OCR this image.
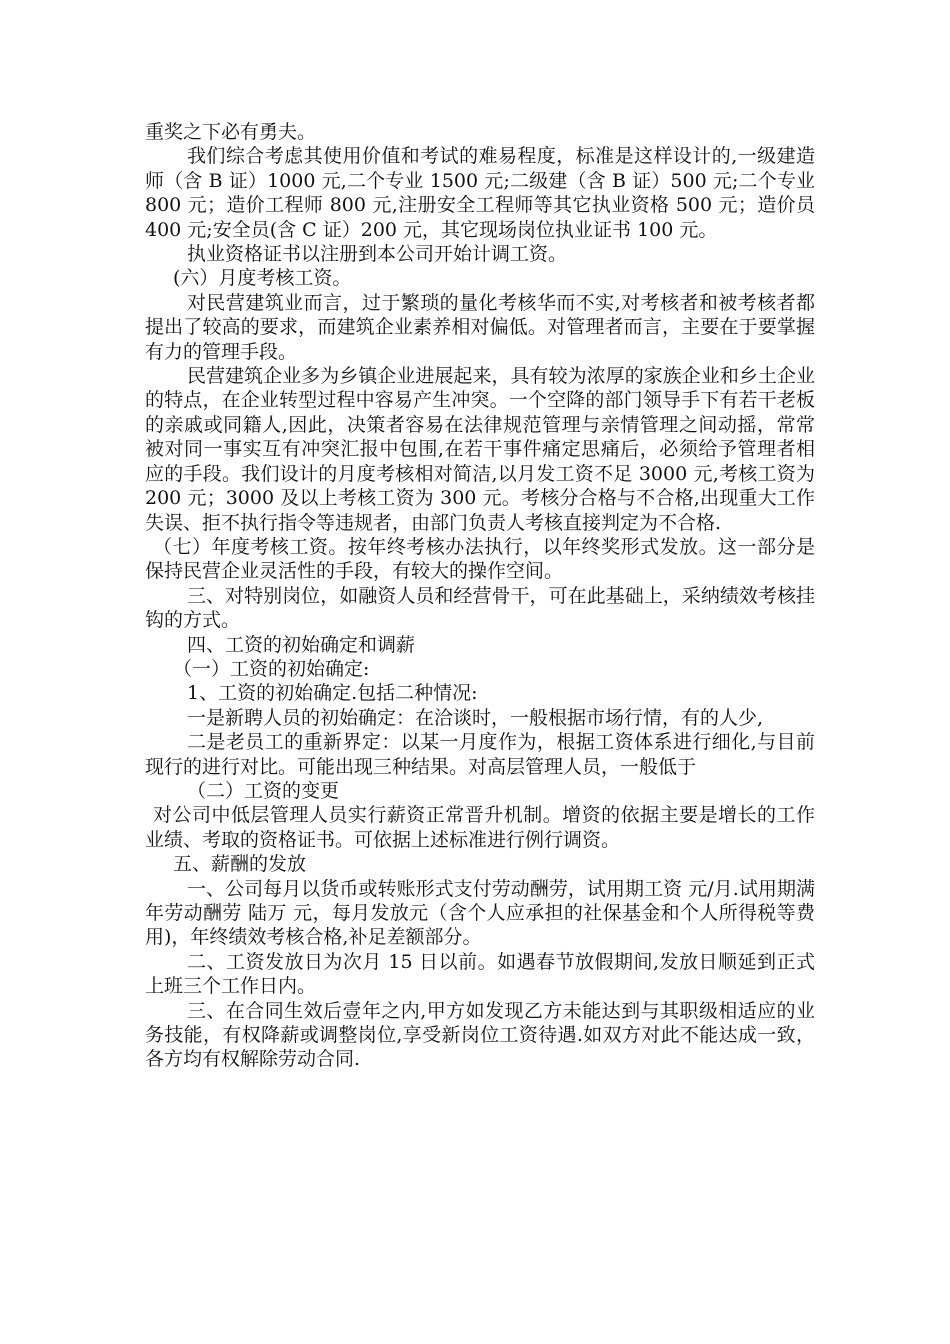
重奖之下必有勇夫。

我们综合考虑其使用价值和考试的难易程度，标准是这样设计的,一级建造师（含 B 证）1000 元,二个专业 1500 元;二级建（含 B 证）500 元;二个专业 800 元；造价工程师 800 元,注册安全工程师等其它执业资格 500 元；造价员 400 元;安全员(含 C 证）200 元，其它现场岗位执业证书 100 元。

执业资格证书以注册到本公司开始计调工资。

(六）月度考核工资。

对民营建筑业而言，过于繁琐的量化考核华而不实,对考核者和被考核者都提出了较高的要求，而建筑企业素养相对偏低。对管理者而言，主要在于要掌握有力的管理手段。

民营建筑企业多为乡镇企业进展起来，具有较为浓厚的家族企业和乡土企业的特点，在企业转型过程中容易产生冲突。一个空降的部门领导手下有若干老板的亲戚或同籍人,因此，决策者容易在法律规范管理与亲情管理之间动摇，常常被对同一事实互有冲突汇报中包围,在若干事件痛定思痛后，必须给予管理者相应的手段。我们设计的月度考核相对简洁,以月发工资不足 3000 元,考核工资为 200 元；3000 及以上考核工资为 300 元。考核分合格与不合格,出现重大工作失误、拒不执行指令等违规者，由部门负责人考核直接判定为不合格.

（七）年度考核工资。按年终考核办法执行，以年终奖形式发放。这一部分是保持民营企业灵活性的手段，有较大的操作空间。

三、对特别岗位，如融资人员和经营骨干，可在此基础上，采纳绩效考核挂钩的方式。

四、工资的初始确定和调薪

（一）工资的初始确定:

1、工资的初始确定.包括二种情况:

一是新聘人员的初始确定：在洽谈时，一般根据市场行情，有的人少,

二是老员工的重新界定：以某一月度作为，根据工资体系进行细化,与目前现行的进行对比。可能出现三种结果。对高层管理人员，一般低于

（二）工资的变更

对公司中低层管理人员实行薪资正常晋升机制。增资的依据主要是增长的工作业绩、考取的资格证书。可依据上述标准进行例行调资。

五、薪酬的发放

一、公司每月以货币或转账形式支付劳动酬劳，试用期工资 元/月.试用期满年劳动酬劳 陆万 元，每月发放元（含个人应承担的社保基金和个人所得税等费用)，年终绩效考核合格,补足差额部分。

二、工资发放日为次月 15 日以前。如遇春节放假期间,发放日顺延到正式上班三个工作日内。

三、在合同生效后壹年之内,甲方如发现乙方未能达到与其职级相适应的业务技能，有权降薪或调整岗位,享受新岗位工资待遇.如双方对此不能达成一致，各方均有权解除劳动合同.
